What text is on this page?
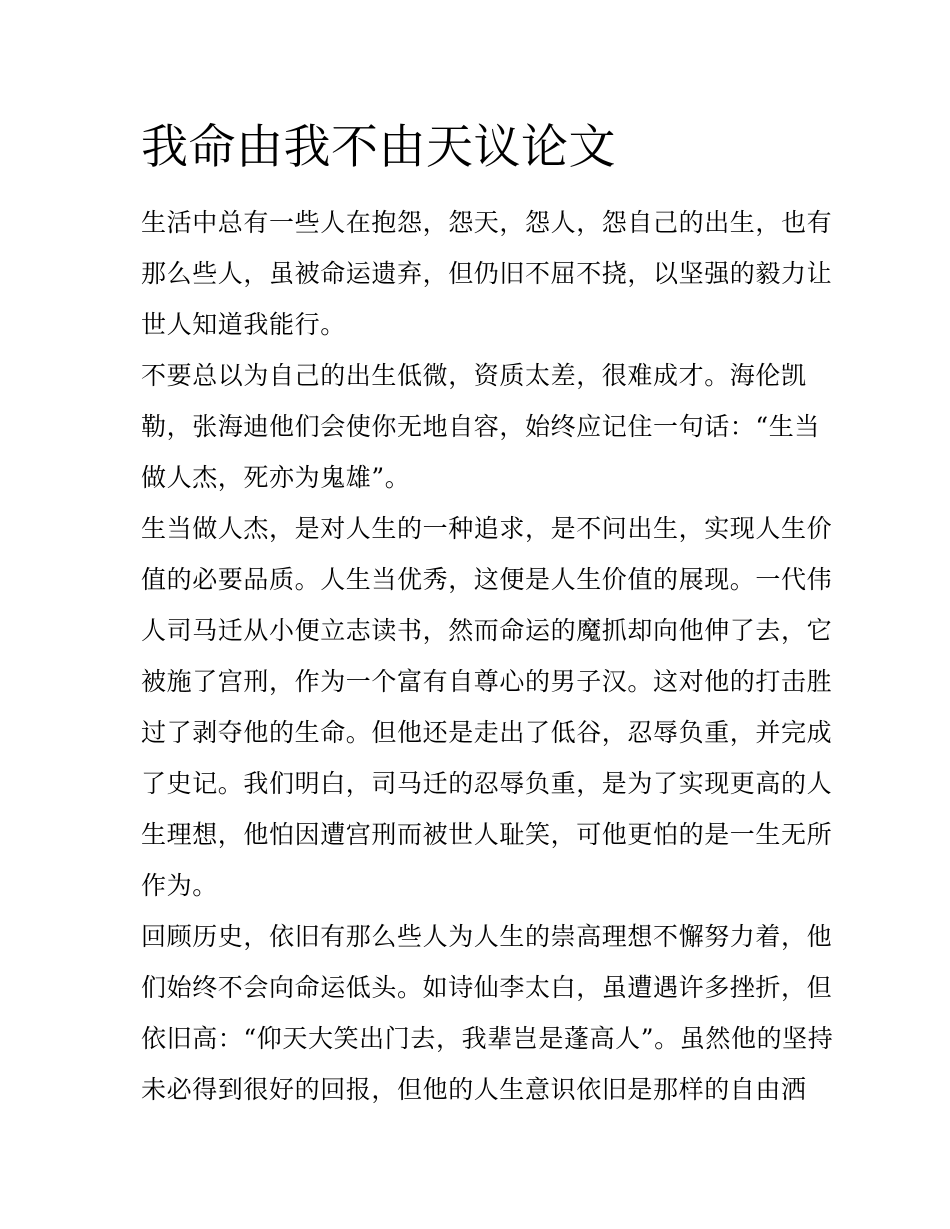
我命由我不由天议论文

生活中总有一些人在抱怨，怨天，怨人，怨自己的出生，也有
那么些人，虽被命运遗弃，但仍旧不屈不挠，以坚强的毅力让
世人知道我能行。

不要总以为自己的出生低微，资质太差，很难成才。海伦凯
勒，张海迪他们会使你无地自容，始终应记住一句话：“生当
做人杰，死亦为鬼雄”。

生当做人杰，是对人生的一种追求，是不问出生，实现人生价
值的必要品质。人生当优秀，这便是人生价值的展现。一代伟
人司马迁从小便立志读书，然而命运的魔抓却向他伸了去，它
被施了宫刑，作为一个富有自尊心的男子汉。这对他的打击胜
过了剥夺他的生命。但他还是走出了低谷，忍辱负重，并完成
了史记。我们明白，司马迁的忍辱负重，是为了实现更高的人
生理想，他怕因遭宫刑而被世人耻笑，可他更怕的是一生无所
作为。

回顾历史，依旧有那么些人为人生的崇高理想不懈努力着，他
们始终不会向命运低头。如诗仙李太白，虽遭遇许多挫折，但
依旧高：“仰天大笑出门去，我辈岂是蓬高人”。虽然他的坚持
未必得到很好的回报，但他的人生意识依旧是那样的自由洒
